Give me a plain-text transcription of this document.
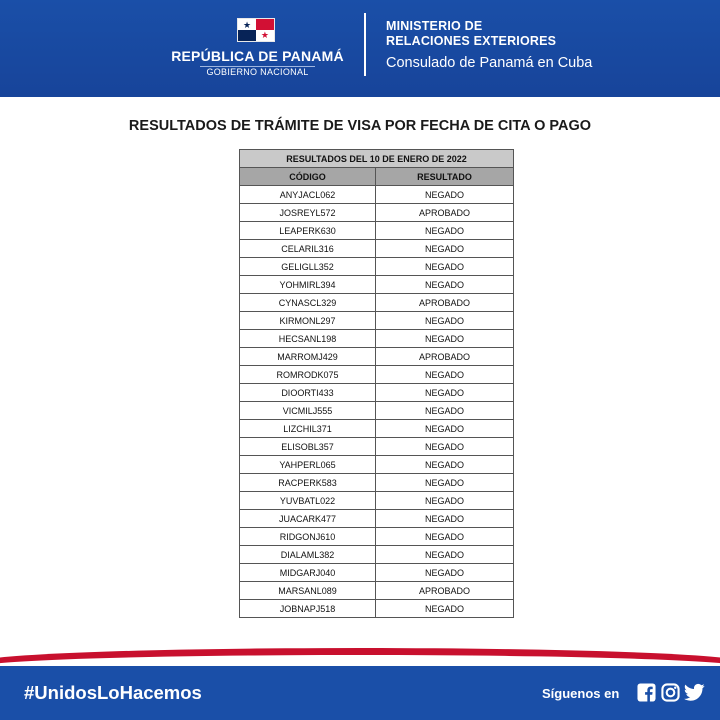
★
★
REPÚBLICA DE PANAMÁ
GOBIERNO NACIONAL
MINISTERIO DE
RELACIONES EXTERIORES
Consulado de Panamá en Cuba
RESULTADOS DE TRÁMITE DE VISA POR FECHA DE CITA O PAGO
RESULTADOS DEL 10 DE ENERO DE 2022	
CÓDIGO	RESULTADO
ANYJACL062	NEGADO
JOSREYL572	APROBADO
LEAPERK630	NEGADO
CELARIL316	NEGADO
GELIGLL352	NEGADO
YOHMIRL394	NEGADO
CYNASCL329	APROBADO
KIRMONL297	NEGADO
HECSANL198	NEGADO
MARROMJ429	APROBADO
ROMRODK075	NEGADO
DIOORTI433	NEGADO
VICMILJ555	NEGADO
LIZCHIL371	NEGADO
ELISOBL357	NEGADO
YAHPERL065	NEGADO
RACPERK583	NEGADO
YUVBATL022	NEGADO
JUACARK477	NEGADO
RIDGONJ610	NEGADO
DIALAML382	NEGADO
MIDGARJ040	NEGADO
MARSANL089	APROBADO
JOBNAPJ518	NEGADO
#UnidosLoHacemos	Síguenos en
